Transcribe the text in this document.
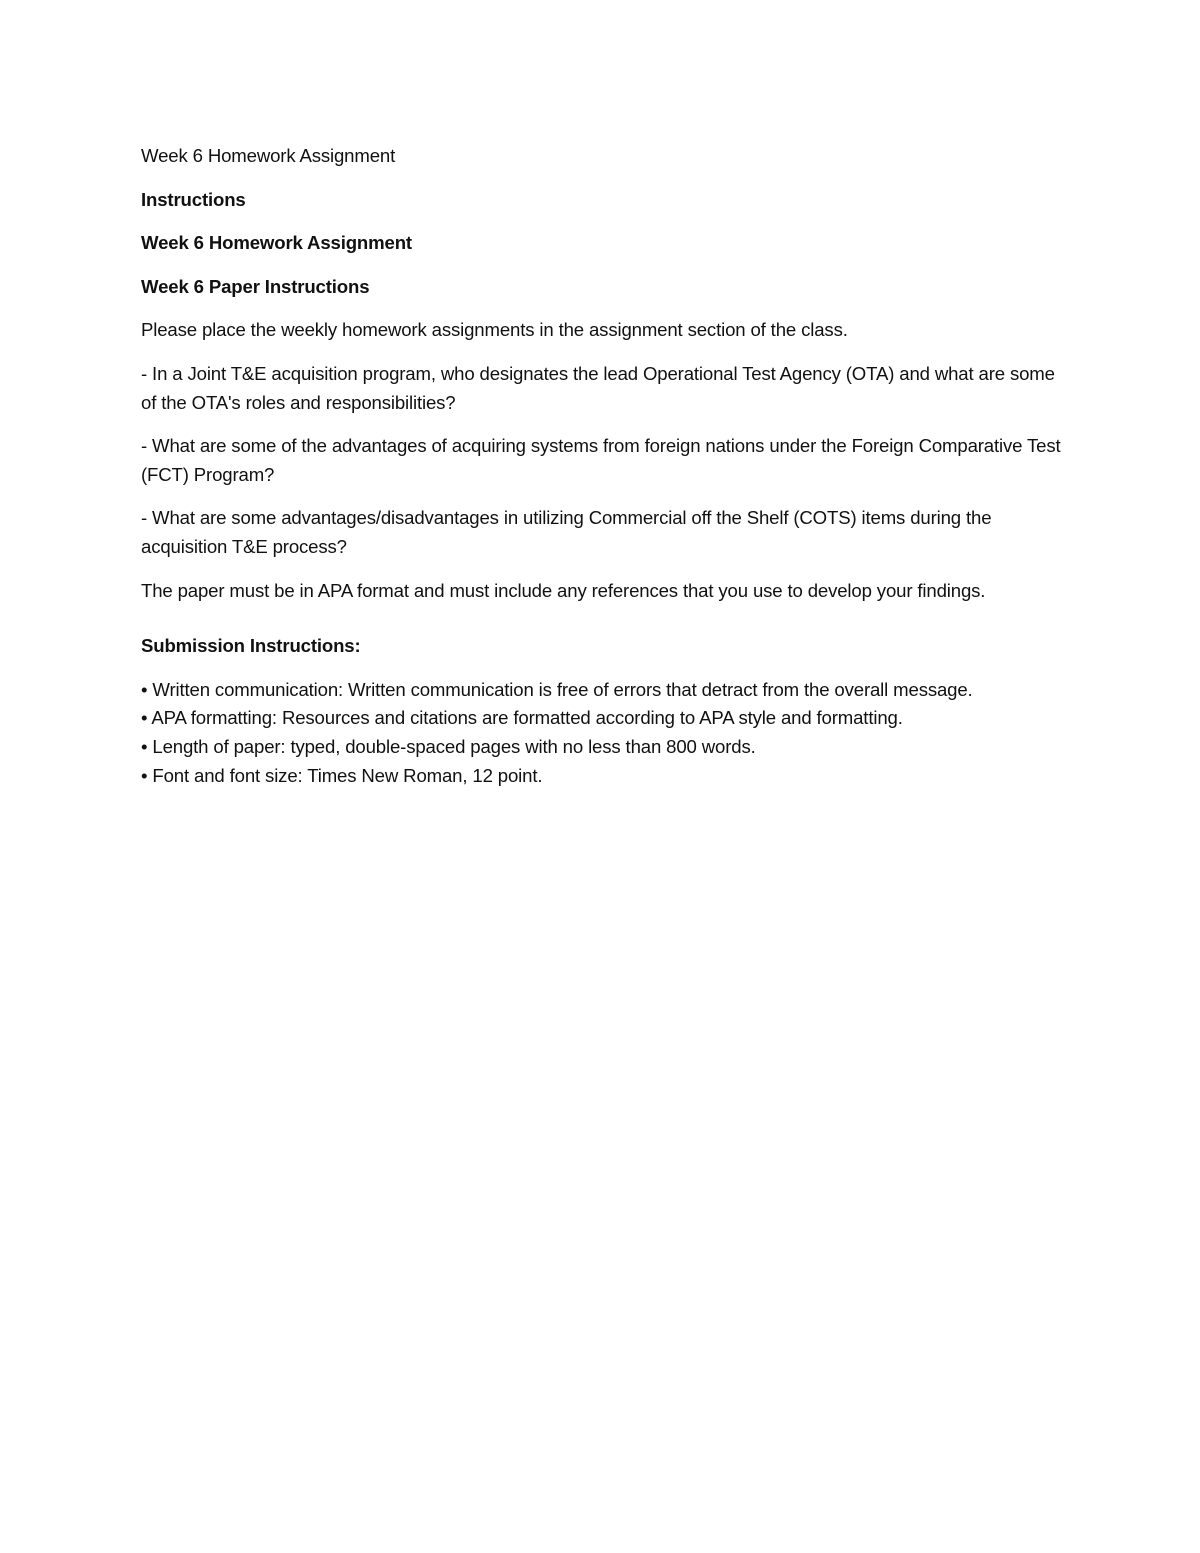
Week 6 Homework Assignment

Instructions

Week 6 Homework Assignment

Week 6 Paper Instructions

Please place the weekly homework assignments in the assignment section of the class.

- In a Joint T&E acquisition program, who designates the lead Operational Test Agency (OTA) and what are some of the OTA's roles and responsibilities?

- What are some of the advantages of acquiring systems from foreign nations under the Foreign Comparative Test (FCT) Program?

- What are some advantages/disadvantages in utilizing Commercial off the Shelf (COTS) items during the acquisition T&E process?

The paper must be in APA format and must include any references that you use to develop your findings.

Submission Instructions:

• Written communication: Written communication is free of errors that detract from the overall message.
• APA formatting: Resources and citations are formatted according to APA style and formatting.
• Length of paper: typed, double-spaced pages with no less than 800 words.
• Font and font size: Times New Roman, 12 point.
